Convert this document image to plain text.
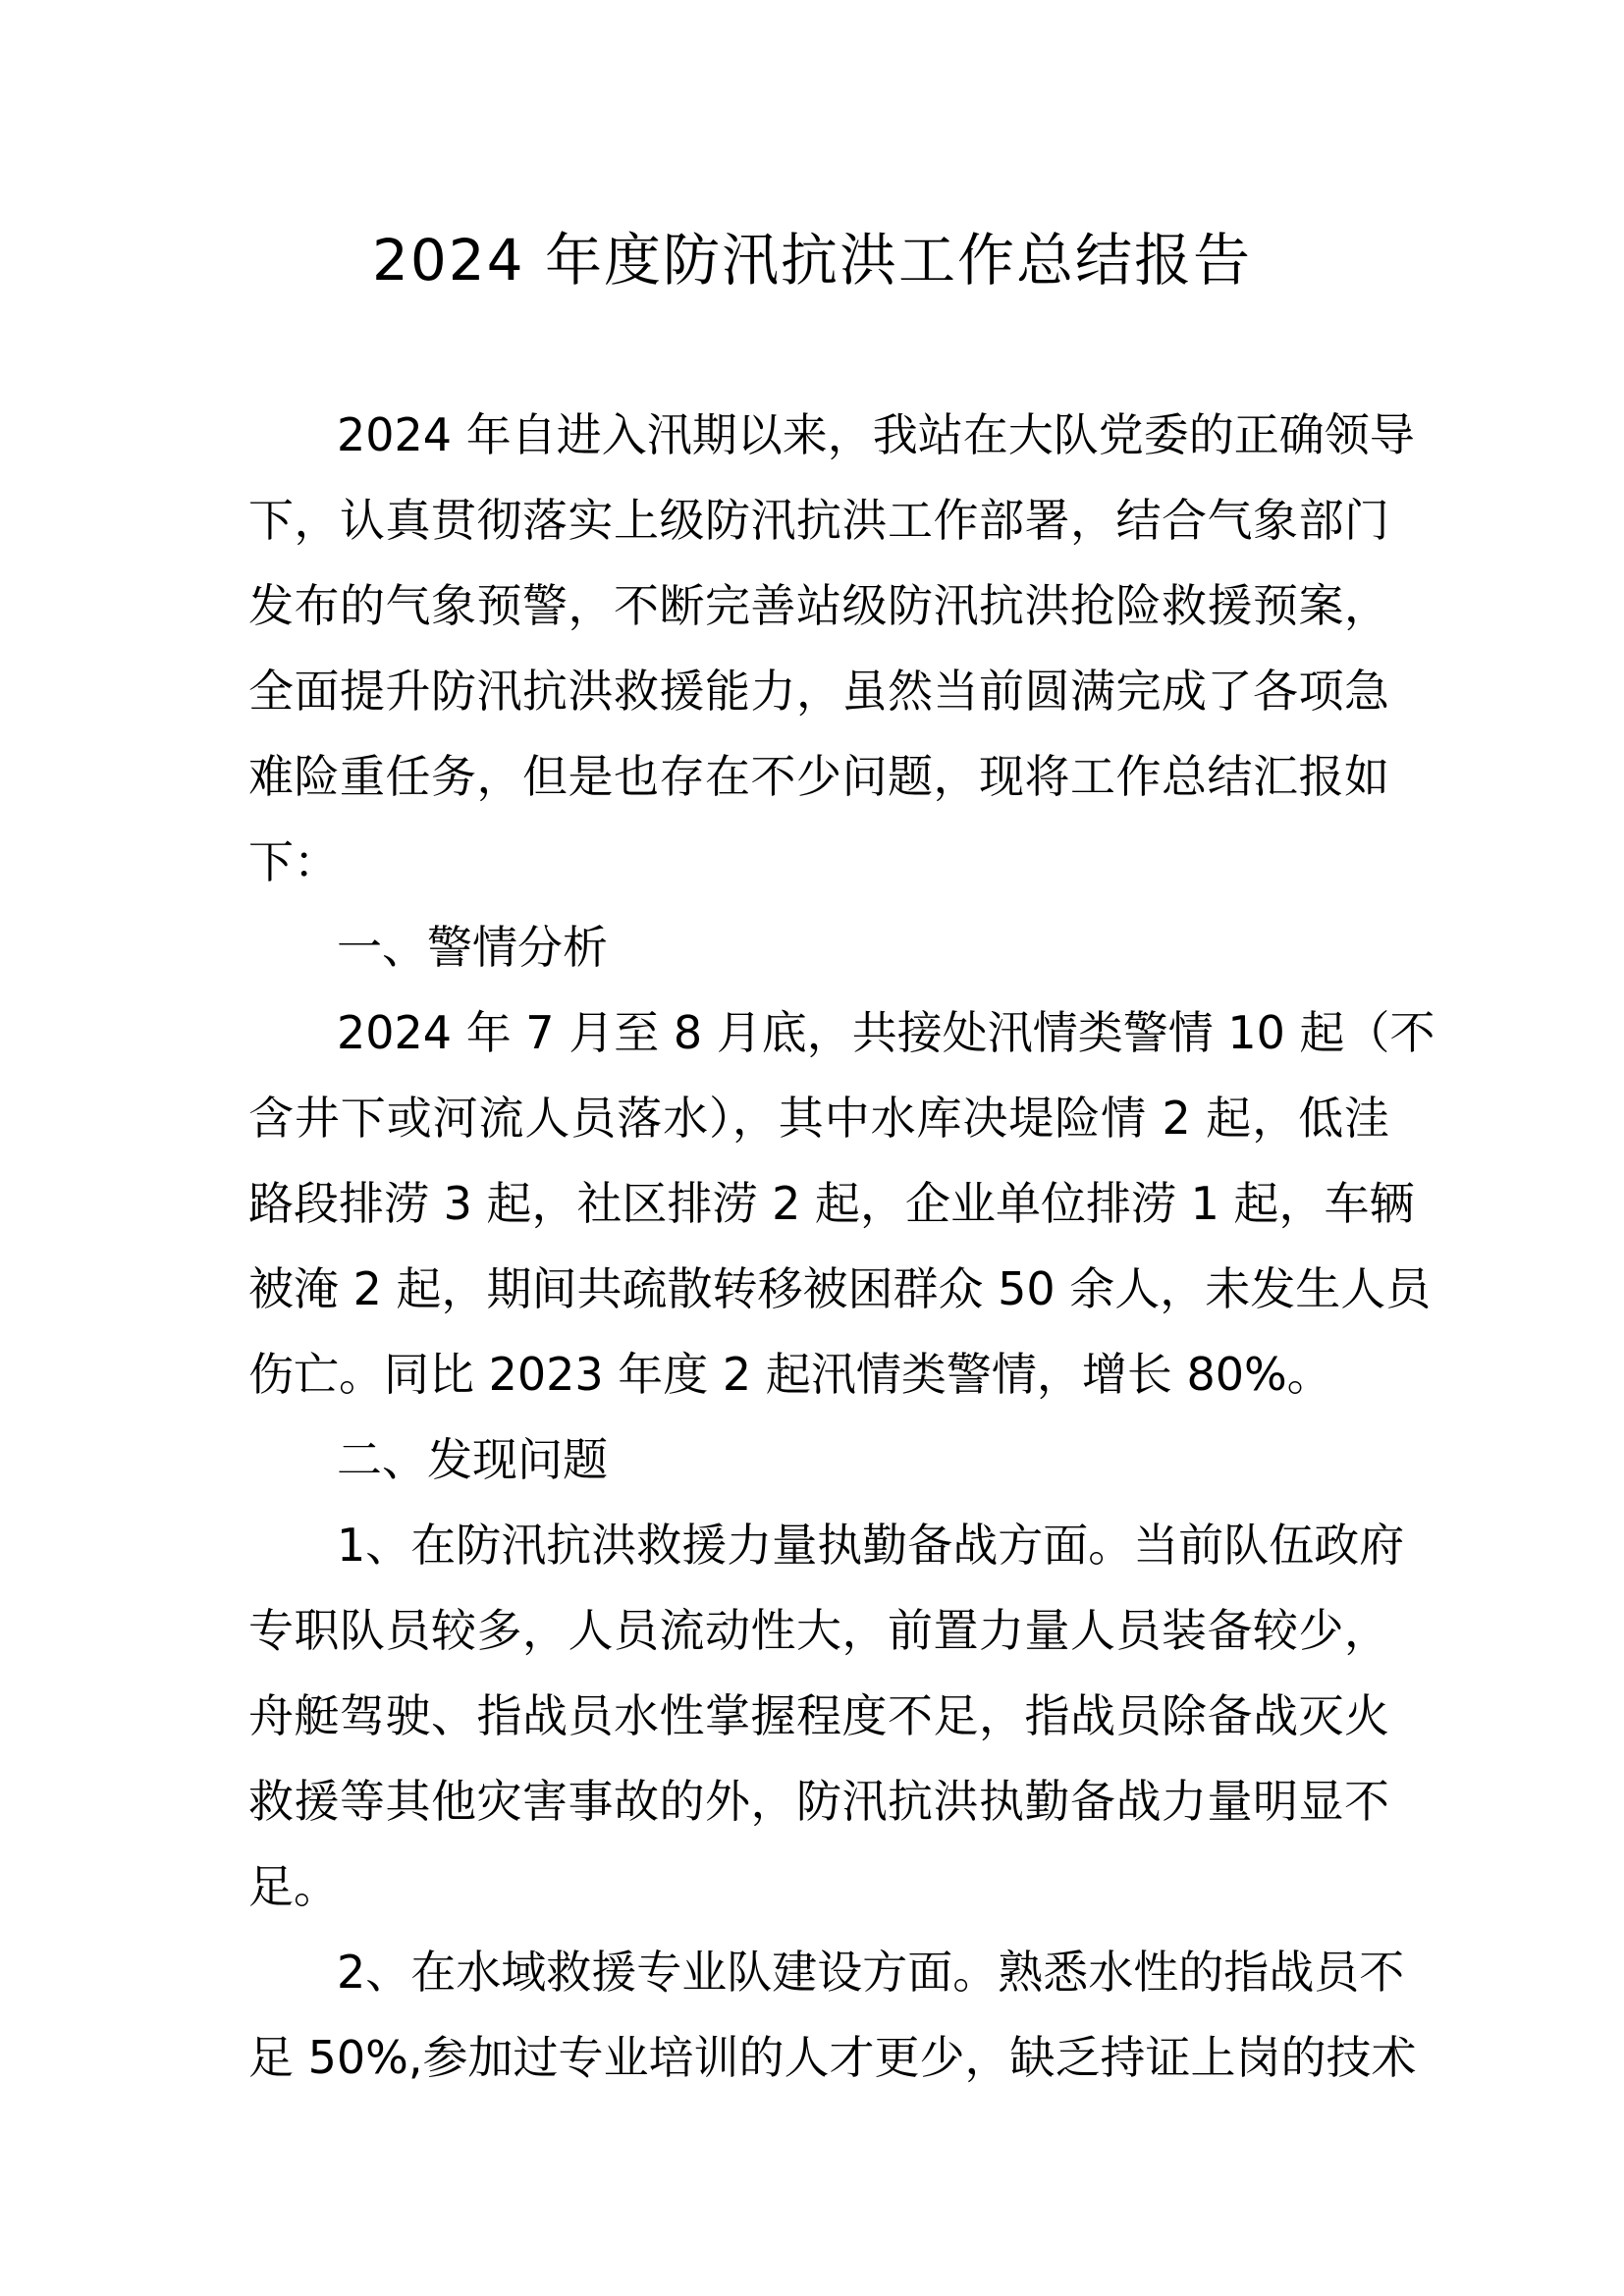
2024 年度防汛抗洪工作总结报告
2024 年自进入汛期以来，我站在大队党委的正确领导
下，认真贯彻落实上级防汛抗洪工作部署，结合气象部门
发布的气象预警，不断完善站级防汛抗洪抢险救援预案，
全面提升防汛抗洪救援能力，虽然当前圆满完成了各项急
难险重任务，但是也存在不少问题，现将工作总结汇报如
下：
一、警情分析
2024 年 7 月至 8 月底，共接处汛情类警情 10 起（不
含井下或河流人员落水），其中水库决堤险情 2 起，低洼
路段排涝 3 起，社区排涝 2 起，企业单位排涝 1 起，车辆
被淹 2 起，期间共疏散转移被困群众 50 余人，未发生人员
伤亡。同比 2023 年度 2 起汛情类警情，增长 80%。
二、发现问题
1、在防汛抗洪救援力量执勤备战方面。当前队伍政府
专职队员较多，人员流动性大，前置力量人员装备较少，
舟艇驾驶、指战员水性掌握程度不足，指战员除备战灭火
救援等其他灾害事故的外，防汛抗洪执勤备战力量明显不
足。
2、在水域救援专业队建设方面。熟悉水性的指战员不
足 50%,参加过专业培训的人才更少，缺乏持证上岗的技术
